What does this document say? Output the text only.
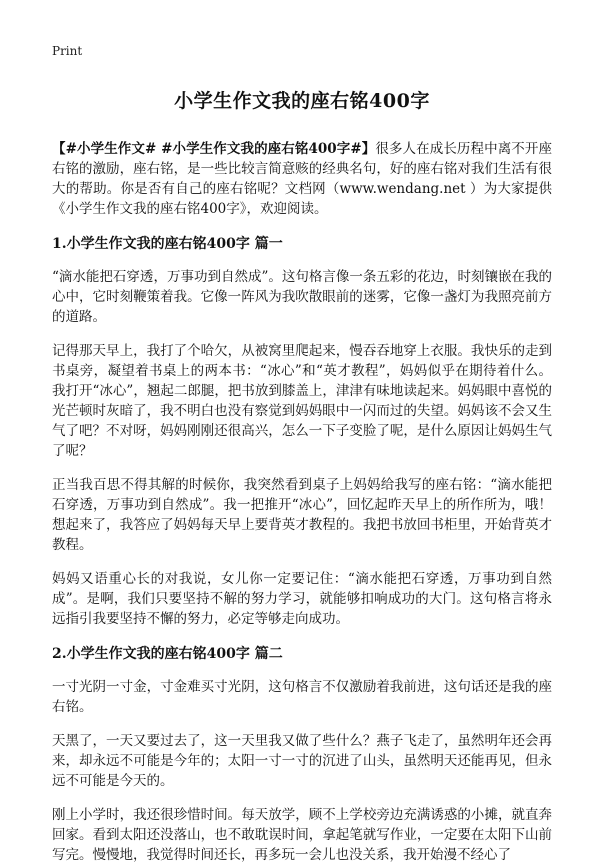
Print
小学生作文我的座右铭400字

【#小学生作文# #小学生作文我的座右铭400字#】很多人在成长历程中离不开座右铭的激励，座右铭，是一些比较言简意赅的经典名句，好的座右铭对我们生活有很大的帮助。你是否有自己的座右铭呢？文档网（www.wendang.net ）为大家提供《小学生作文我的座右铭400字》，欢迎阅读。

1.小学生作文我的座右铭400字 篇一

“滴水能把石穿透，万事功到自然成”。这句格言像一条五彩的花边，时刻镶嵌在我的心中，它时刻鞭策着我。它像一阵风为我吹散眼前的迷雾，它像一盏灯为我照亮前方的道路。

记得那天早上，我打了个哈欠，从被窝里爬起来，慢吞吞地穿上衣服。我快乐的走到书桌旁，凝望着书桌上的两本书：“冰心”和“英才教程”，妈妈似乎在期待着什么。我打开“冰心”，翘起二郎腿，把书放到膝盖上，津津有味地读起来。妈妈眼中喜悦的光芒顿时灰暗了，我不明白也没有察觉到妈妈眼中一闪而过的失望。妈妈该不会又生气了吧？不对呀，妈妈刚刚还很高兴，怎么一下子变脸了呢，是什么原因让妈妈生气了呢？

正当我百思不得其解的时候你，我突然看到桌子上妈妈给我写的座右铭：“滴水能把石穿透，万事功到自然成”。我一把推开“冰心”，回忆起昨天早上的所作所为，哦！想起来了，我答应了妈妈每天早上要背英才教程的。我把书放回书柜里，开始背英才教程。

妈妈又语重心长的对我说，女儿你一定要记住：“滴水能把石穿透，万事功到自然成”。是啊，我们只要坚持不解的努力学习，就能够扣响成功的大门。这句格言将永远指引我要坚持不懈的努力，必定等够走向成功。

2.小学生作文我的座右铭400字 篇二

一寸光阴一寸金，寸金难买寸光阴，这句格言不仅激励着我前进，这句话还是我的座右铭。

天黑了，一天又要过去了，这一天里我又做了些什么？燕子飞走了，虽然明年还会再来，却永远不可能是今年的；太阳一寸一寸的沉进了山头，虽然明天还能再见，但永远不可能是今天的。

刚上小学时，我还很珍惜时间。每天放学，顾不上学校旁边充满诱惑的小摊，就直奔回家。看到太阳还没落山，也不敢耽误时间，拿起笔就写作业，一定要在太阳下山前写完。慢慢地，我觉得时间还长，再多玩一会儿也没关系，我开始漫不经心了
